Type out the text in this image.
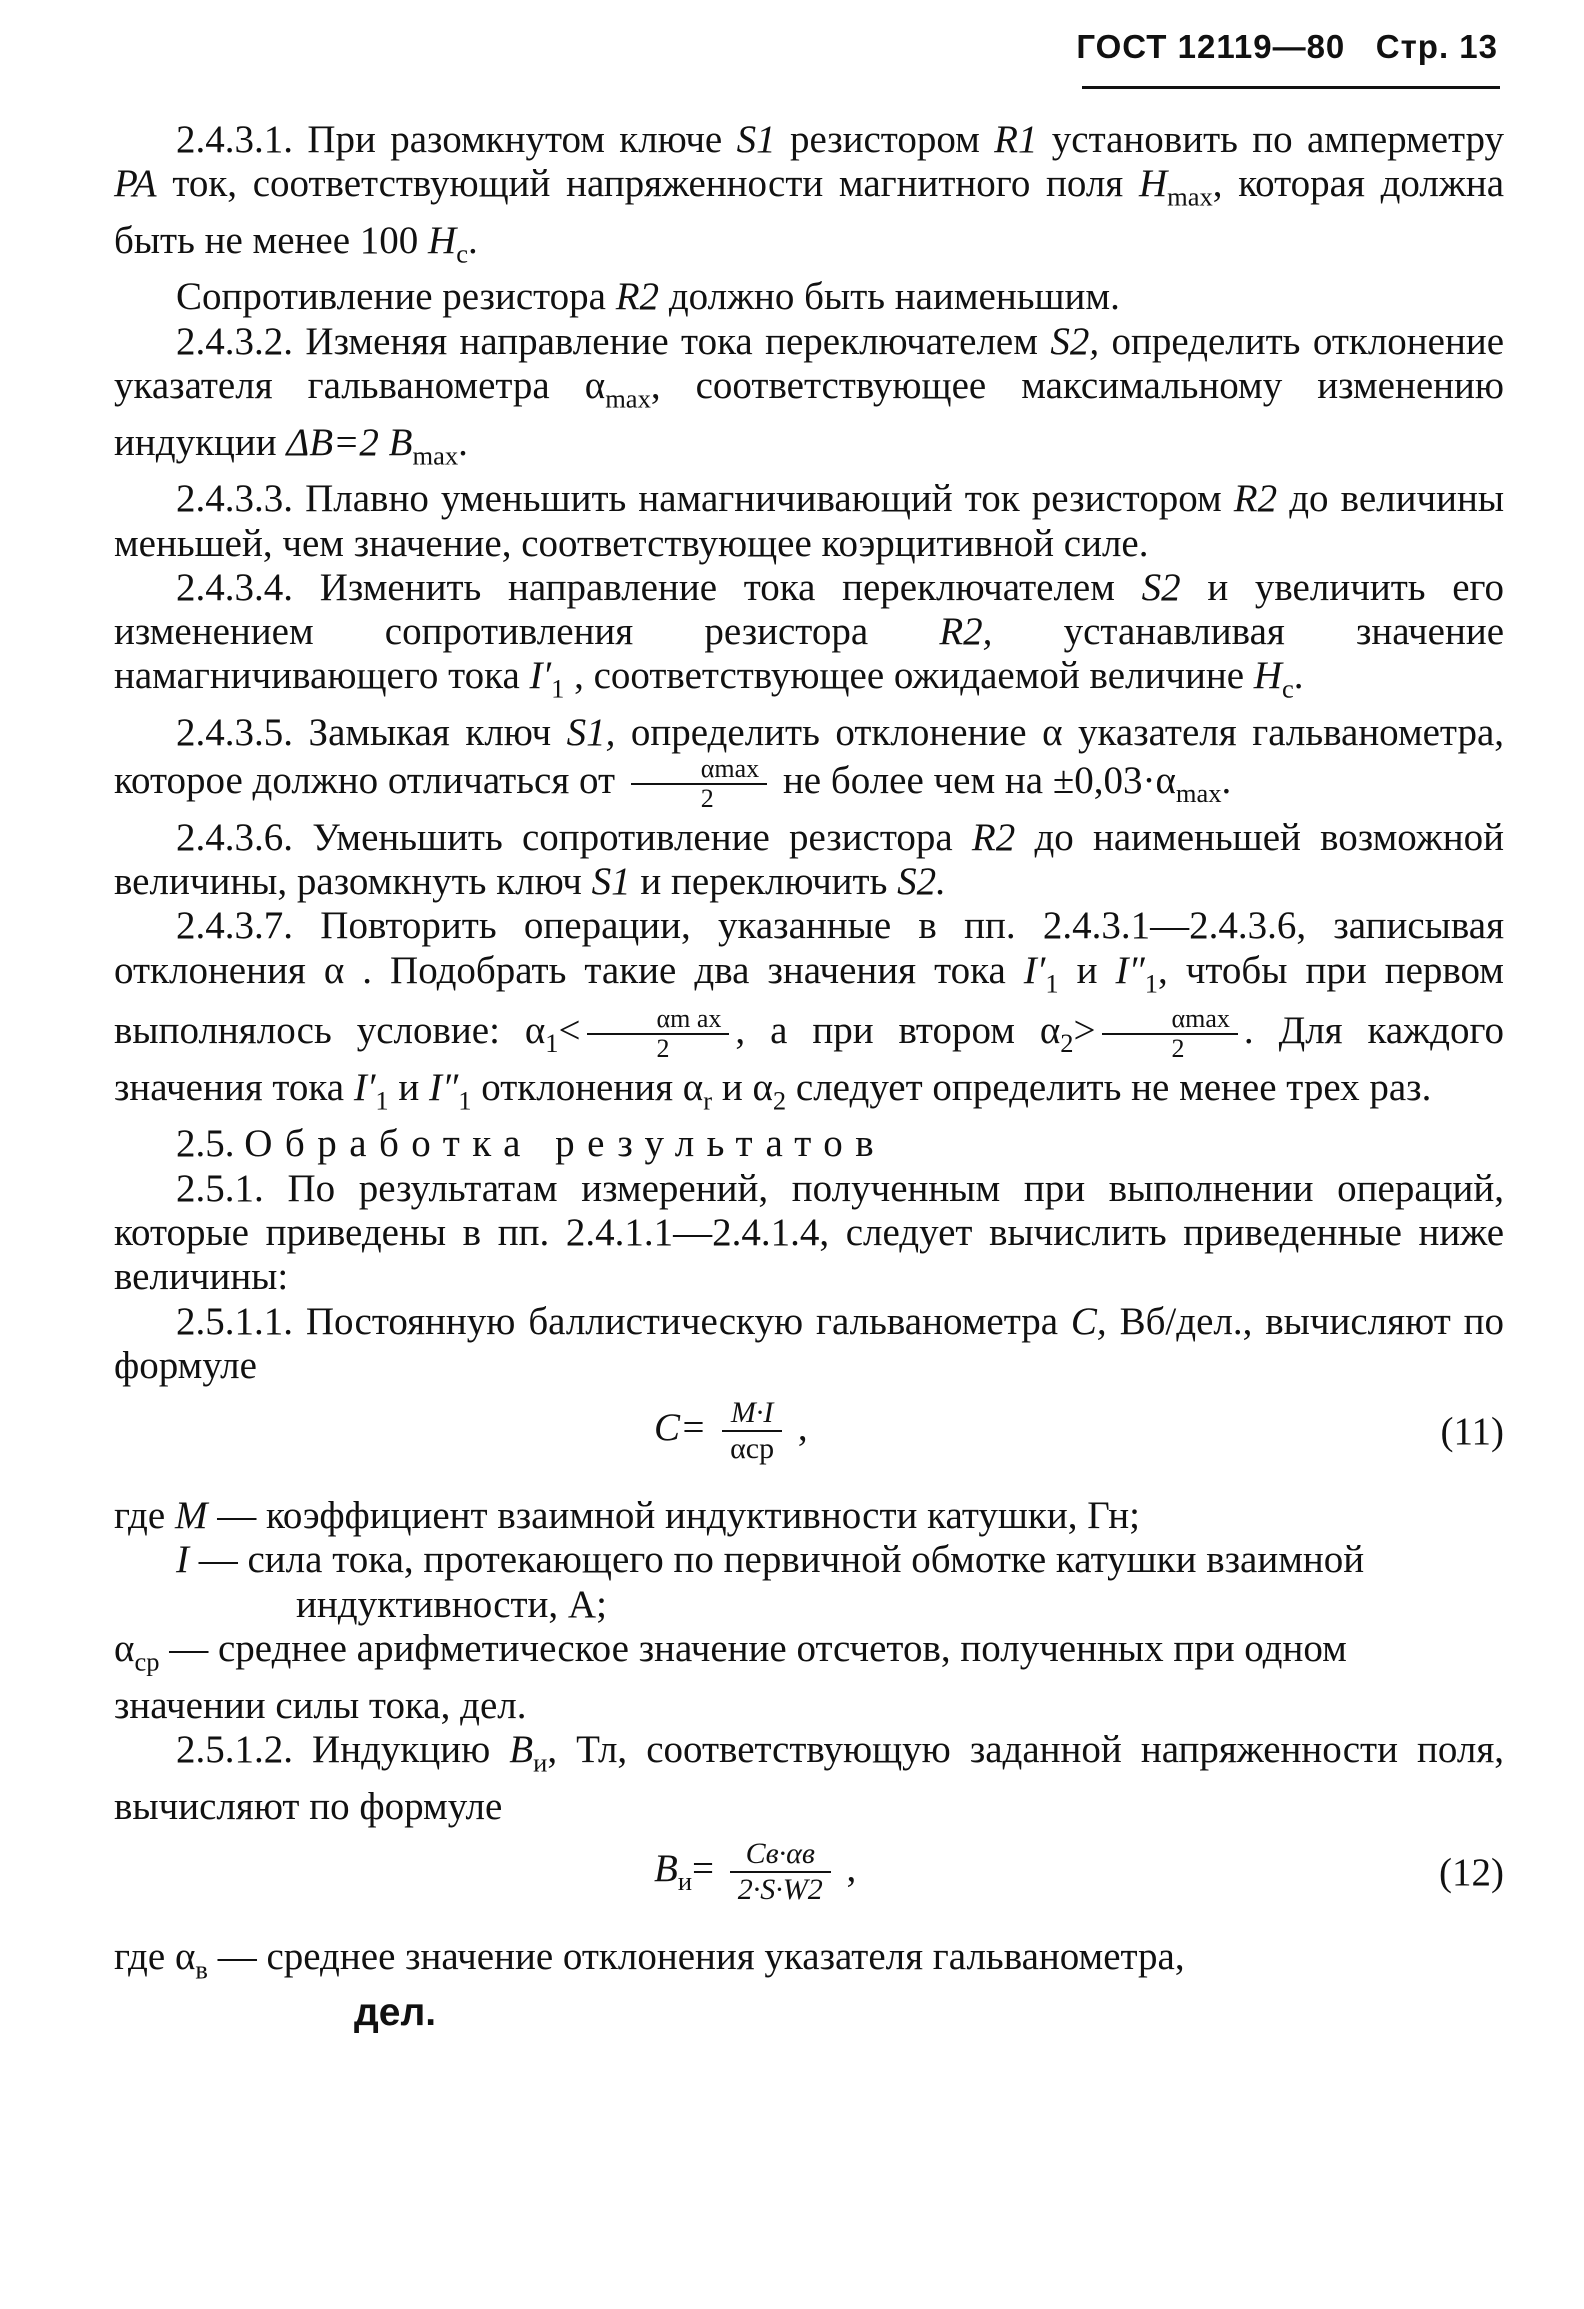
ГОСТ 12119—80 Стр. 13

2.4.3.1. При разомкнутом ключе S1 резистором R1 установить по амперметру PA ток, соответствующий напряженности магнитного поля $H_{max}$, которая должна быть не менее 100 $H_c$.

Сопротивление резистора R2 должно быть наименьшим.

2.4.3.2. Изменяя направление тока переключателем S2, определить отклонение указателя гальванометра $\alpha_{max}$, соответствующее максимальному изменению индукции ΔB=2 $B_{max}$.

2.4.3.3. Плавно уменьшить намагничивающий ток резистором R2 до величины меньшей, чем значение, соответствующее коэрцитивной силе.

2.4.3.4. Изменить направление тока переключателем S2 и увеличить его изменением сопротивления резистора R2, устанавливая значение намагничивающего тока $I'_1$ , соответствующее ожидаемой величине $H_c$.

2.4.3.5. Замыкая ключ S1, определить отклонение α указателя гальванометра, которое должно отличаться от $\frac{\alpha\max}{2}$ не более чем на $\pm 0,03\cdot\alpha_{max}$.

2.4.3.6. Уменьшить сопротивление резистора R2 до наименьшей возможной величины, разомкнуть ключ S1 и переключить S2.

2.4.3.7. Повторить операции, указанные в пп. 2.4.3.1—2.4.3.6, записывая отклонения α . Подобрать такие два значения тока $I'_1$ и $I''_1$, чтобы при первом выполнялось условие: $\alpha_1< \frac{\text{αm ax}}{2}$ , а при втором $\alpha_2> \frac{\alpha\max}{2}$ . Для каждого значения тока $I'_1$ и $I''_1$ отклонения $\alpha_r$ и $\alpha_2$ следует определить не менее трех раз.

2.5. Обработка результатов

2.5.1. По результатам измерений, полученным при выполнении операций, которые приведены в пп. 2.4.1.1—2.4.1.4, следует вычислить приведенные ниже величины:

2.5.1.1. Постоянную баллистическую гальванометра C, Вб/дел., вычисляют по формуле

$C= \frac{M\cdot I}{\text{αcp}}$ ,	(11)

где M — коэффициент взаимной индуктивности катушки, Гн;

I — сила тока, протекающего по первичной обмотке катушки взаимной индуктивности, А;

$\alpha_{ср}$ — среднее арифметическое значение отсчетов, полученных при одном значении силы тока, дел.

2.5.1.2. Индукцию $B_и$, Тл, соответствующую заданной напряженности поля, вычисляют по формуле

$B_и= \frac{Cв\cdot\alpha в}{2\cdot S\cdot W2}$ ,	(12)

где $\alpha_в$ — среднее значение отклонения указателя гальванометра,

дел.
